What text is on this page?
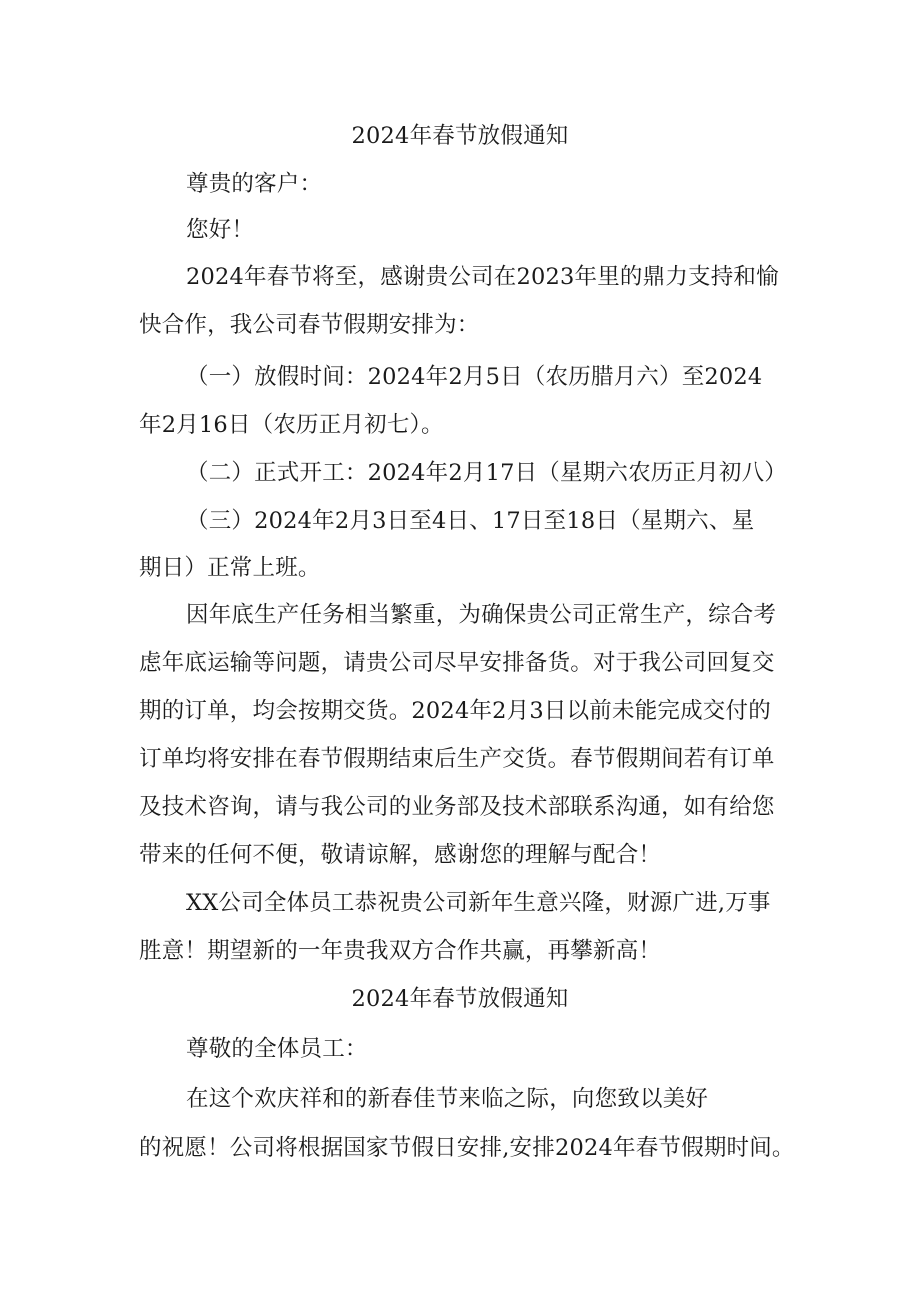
2024年春节放假通知
尊贵的客户：
您好！
2024年春节将至，感谢贵公司在2023年里的鼎力支持和愉
快合作，我公司春节假期安排为：
（一）放假时间：2024年2月5日（农历腊月六）至2024
年2月16日（农历正月初七）。
（二）正式开工：2024年2月17日（星期六农历正月初八）
（三）2024年2月3日至4日、17日至18日（星期六、星
期日）正常上班。
因年底生产任务相当繁重，为确保贵公司正常生产，综合考
虑年底运输等问题，请贵公司尽早安排备货。对于我公司回复交
期的订单，均会按期交货。2024年2月3日以前未能完成交付的
订单均将安排在春节假期结束后生产交货。春节假期间若有订单
及技术咨询，请与我公司的业务部及技术部联系沟通，如有给您
带来的任何不便，敬请谅解，感谢您的理解与配合！
XX公司全体员工恭祝贵公司新年生意兴隆，财源广进,万事
胜意！期望新的一年贵我双方合作共赢，再攀新高！
2024年春节放假通知
尊敬的全体员工：
在这个欢庆祥和的新春佳节来临之际，向您致以美好
的祝愿！公司将根据国家节假日安排,安排2024年春节假期时间。
